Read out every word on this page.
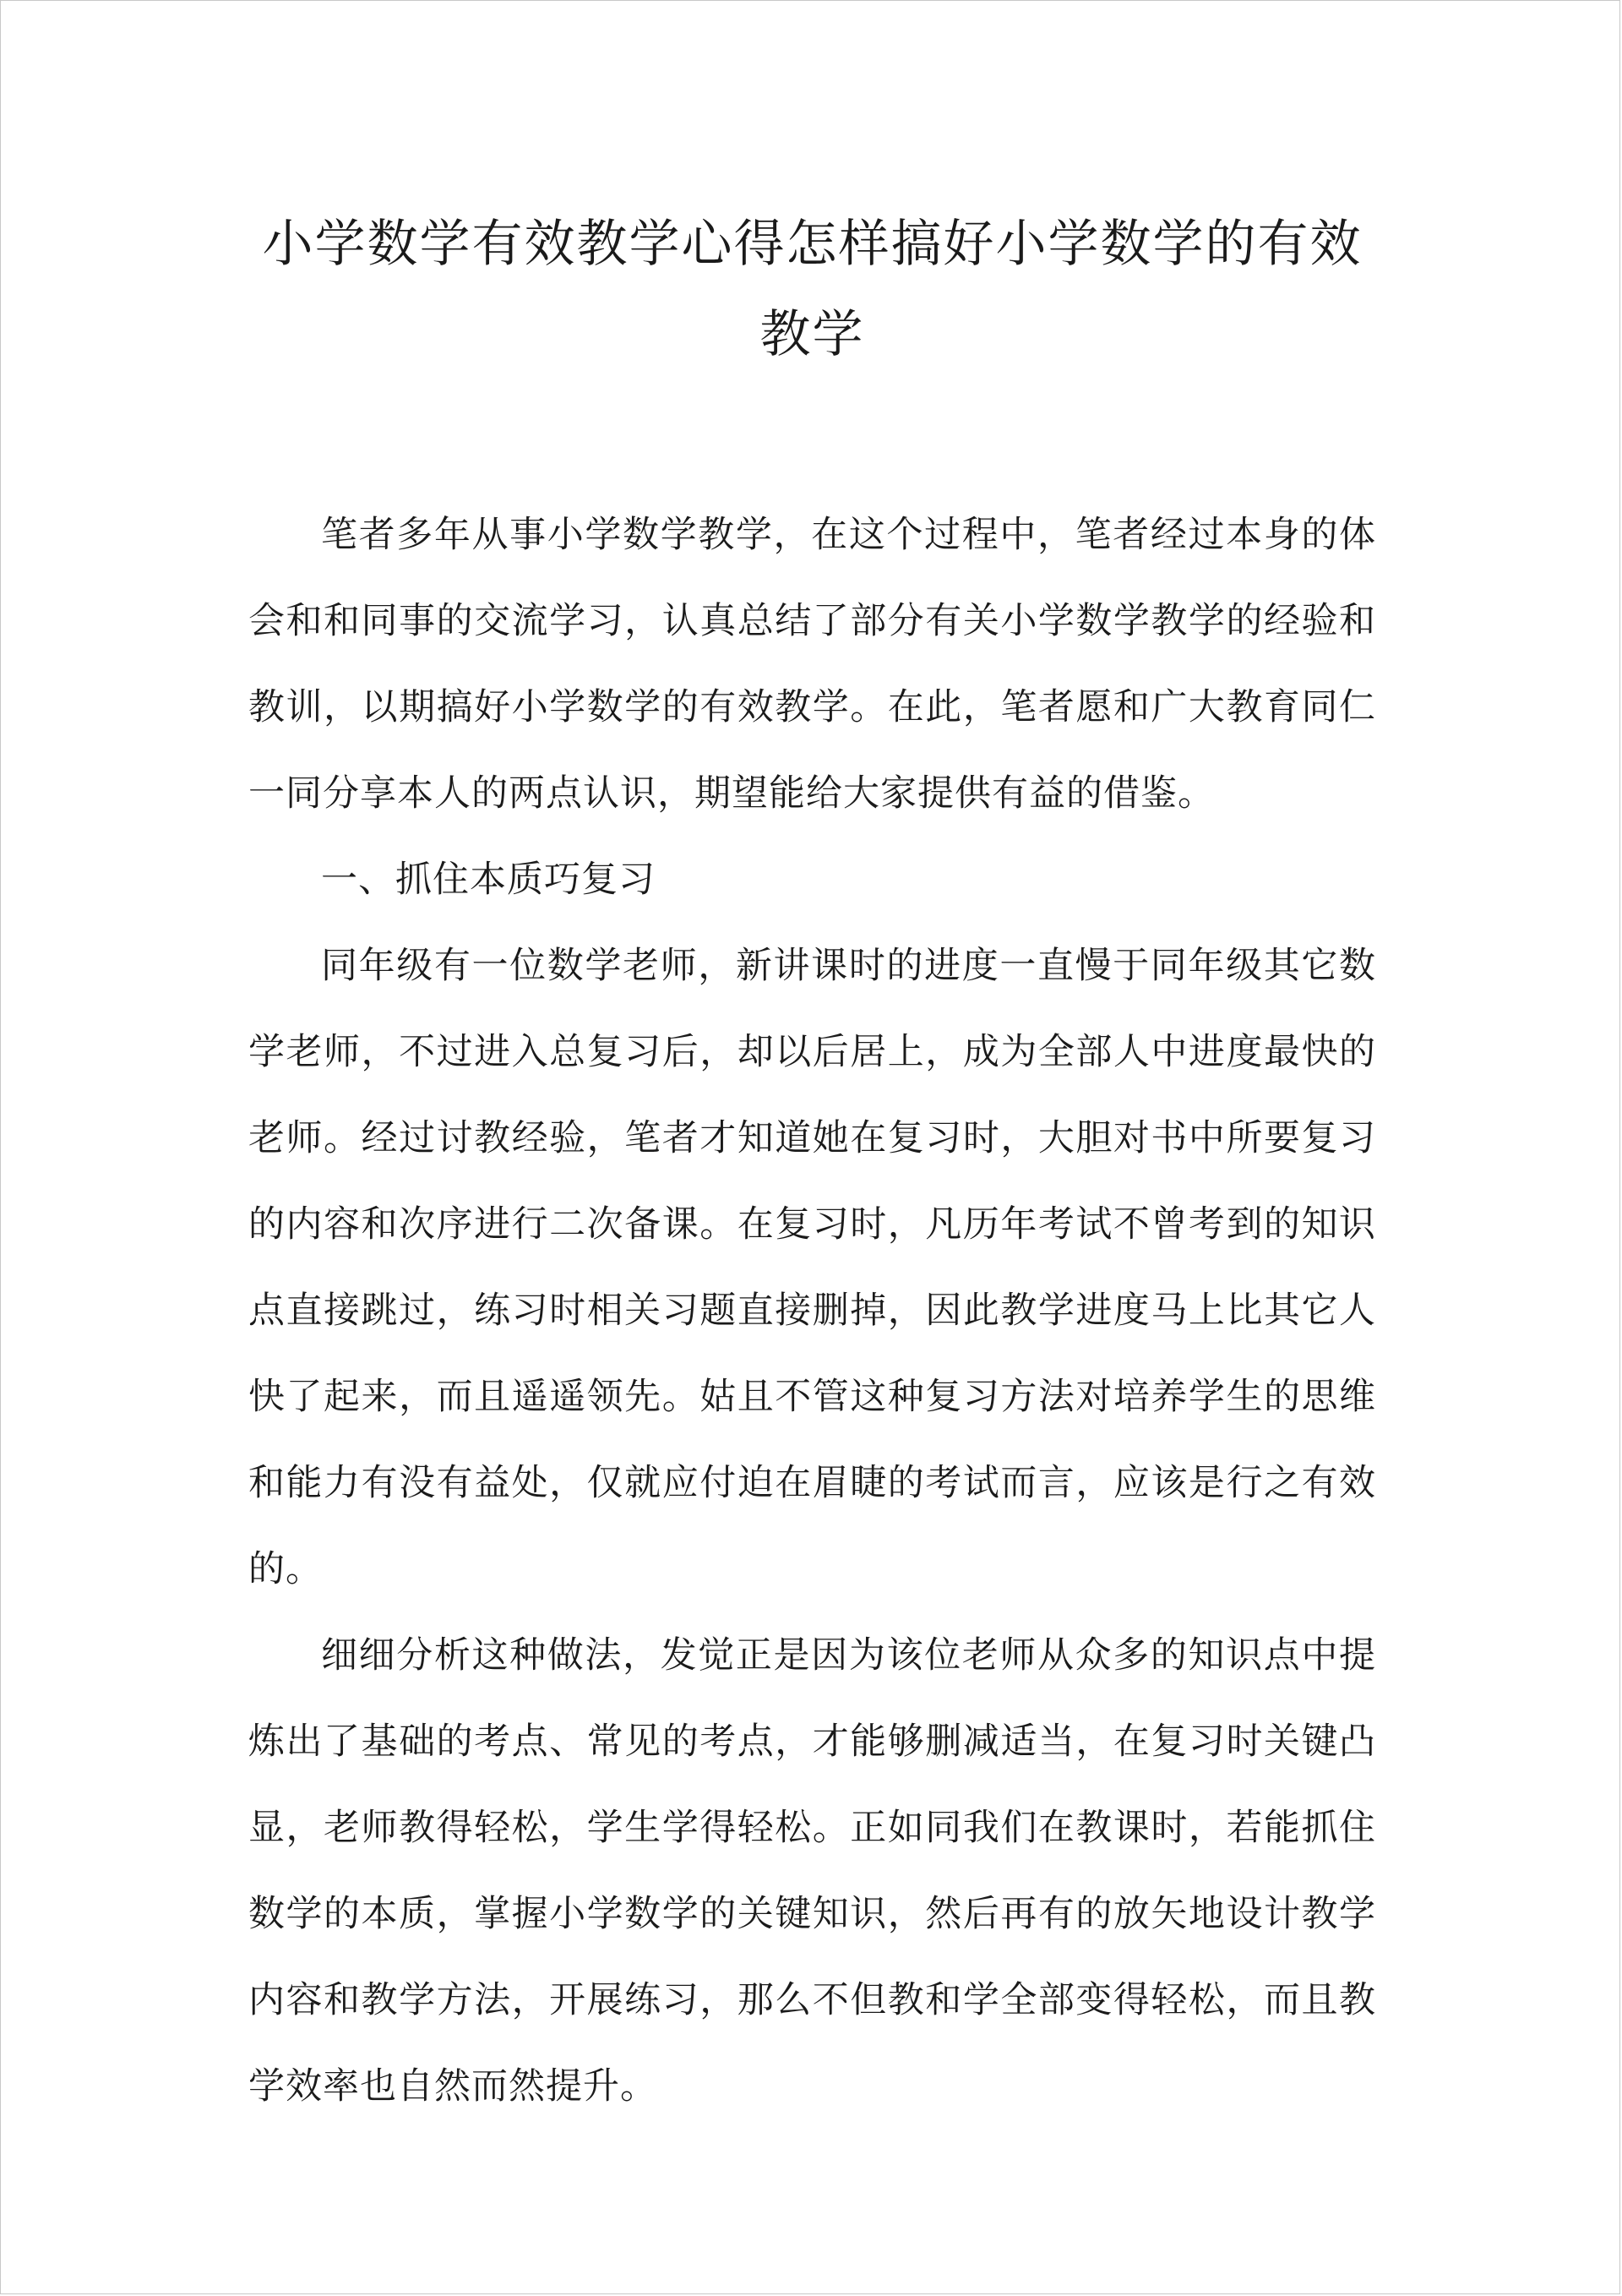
小学数学有效教学心得怎样搞好小学数学的有效教学

笔者多年从事小学数学教学，在这个过程中，笔者经过本身的体会和和同事的交流学习，认真总结了部分有关小学数学教学的经验和教训，以期搞好小学数学的有效教学。在此，笔者愿和广大教育同仁一同分享本人的两点认识，期望能给大家提供有益的借鉴。

一、抓住本质巧复习

同年级有一位数学老师，新讲课时的进度一直慢于同年级其它数学老师，不过进入总复习后，却以后居上，成为全部人中进度最快的老师。经过讨教经验，笔者才知道她在复习时，大胆对书中所要复习的内容和次序进行二次备课。在复习时，凡历年考试不曾考到的知识点直接跳过，练习时相关习题直接删掉，因此教学进度马上比其它人快了起来，而且遥遥领先。姑且不管这种复习方法对培养学生的思维和能力有没有益处，仅就应付迫在眉睫的考试而言，应该是行之有效的。

细细分析这种做法，发觉正是因为该位老师从众多的知识点中提炼出了基础的考点、常见的考点，才能够删减适当，在复习时关键凸显，老师教得轻松，学生学得轻松。正如同我们在教课时，若能抓住数学的本质，掌握小学数学的关键知识，然后再有的放矢地设计教学内容和教学方法，开展练习，那么不但教和学全部变得轻松，而且教学效率也自然而然提升。
